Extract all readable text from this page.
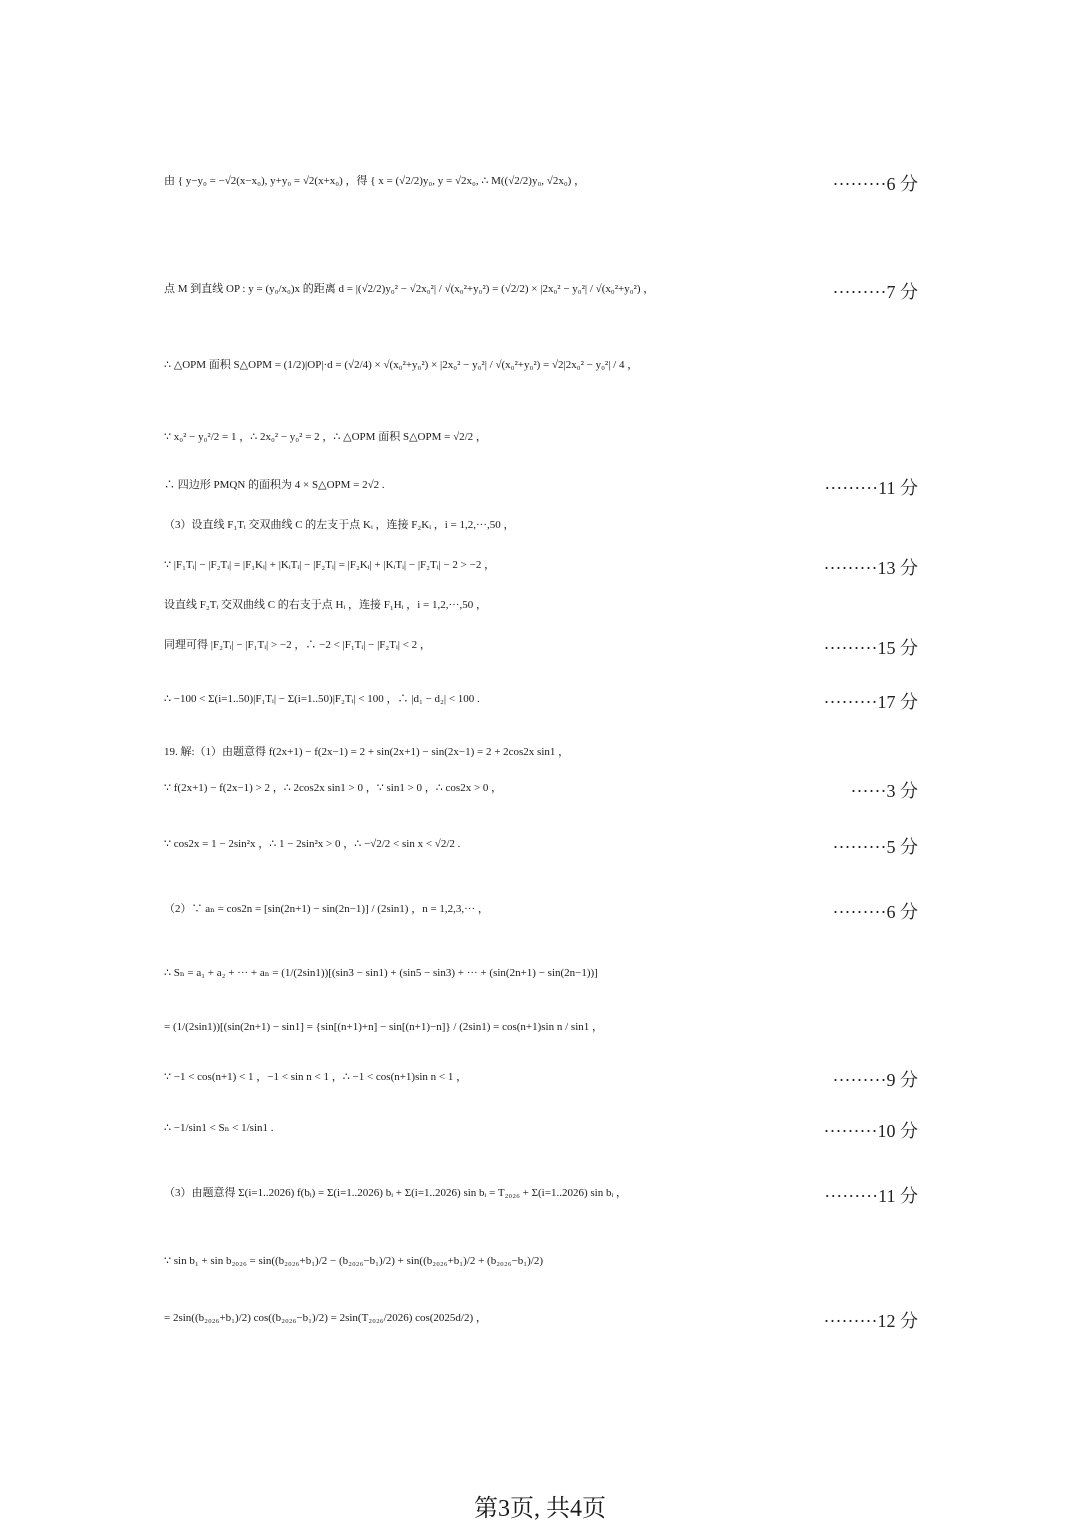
由 { y−y₀ = −√2(x−x₀), y+y₀ = √2(x+x₀) ，得 { x = (√2/2)y₀, y = √2x₀, ∴ M((√2/2)y₀, √2x₀) ，	·········6 分
点 M 到直线 OP : y = (y₀/x₀)x 的距离 d = |(√2/2)y₀² − √2x₀²| / √(x₀²+y₀²) = (√2/2) × |2x₀² − y₀²| / √(x₀²+y₀²) ，	·········7 分
∴ △OPM 面积 S△OPM = (1/2)|OP|·d = (√2/4) × √(x₀²+y₀²) × |2x₀² − y₀²| / √(x₀²+y₀²) = √2|2x₀² − y₀²| / 4 ，
∵ x₀² − y₀²/2 = 1 ，∴ 2x₀² − y₀² = 2 ，∴ △OPM 面积 S△OPM = √2/2 ，
∴ 四边形 PMQN 的面积为 4 × S△OPM = 2√2 .	·········11 分
（3）设直线 F₁Tᵢ 交双曲线 C 的左支于点 Kᵢ ，连接 F₂Kᵢ ，i = 1,2,···,50 ，
∵ |F₁Tᵢ| − |F₂Tᵢ| = |F₁Kᵢ| + |KᵢTᵢ| − |F₂Tᵢ| = |F₂Kᵢ| + |KᵢTᵢ| − |F₂Tᵢ| − 2 > −2 ，	·········13 分
设直线 F₂Tᵢ 交双曲线 C 的右支于点 Hᵢ ，连接 F₁Hᵢ ，i = 1,2,···,50 ，
同理可得 |F₂Tᵢ| − |F₁Tᵢ| > −2 ，∴ −2 < |F₁Tᵢ| − |F₂Tᵢ| < 2 ，	·········15 分
∴ −100 < Σ(i=1..50)|F₁Tᵢ| − Σ(i=1..50)|F₂Tᵢ| < 100 ，∴ |d₁ − d₂| < 100 .	·········17 分
19. 解:（1）由题意得 f(2x+1) − f(2x−1) = 2 + sin(2x+1) − sin(2x−1) = 2 + 2cos2x sin1 ，
∵ f(2x+1) − f(2x−1) > 2 ，∴ 2cos2x sin1 > 0 ，∵ sin1 > 0 ，∴ cos2x > 0 ，	······3 分
∵ cos2x = 1 − 2sin²x ，∴ 1 − 2sin²x > 0 ，∴ −√2/2 < sin x < √2/2 .	·········5 分
（2）∵ aₙ = cos2n = [sin(2n+1) − sin(2n−1)] / (2sin1) ，n = 1,2,3,··· ，	·········6 分
∴ Sₙ = a₁ + a₂ + ··· + aₙ = (1/(2sin1))[(sin3 − sin1) + (sin5 − sin3) + ··· + (sin(2n+1) − sin(2n−1))]
= (1/(2sin1))[(sin(2n+1) − sin1] = {sin[(n+1)+n] − sin[(n+1)−n]} / (2sin1) = cos(n+1)sin n / sin1 ，
∵ −1 < cos(n+1) < 1 ，−1 < sin n < 1 ，∴ −1 < cos(n+1)sin n < 1 ，	·········9 分
∴ −1/sin1 < Sₙ < 1/sin1 .	·········10 分
（3）由题意得 Σ(i=1..2026) f(bᵢ) = Σ(i=1..2026) bᵢ + Σ(i=1..2026) sin bᵢ = T₂₀₂₆ + Σ(i=1..2026) sin bᵢ ，	·········11 分
∵ sin b₁ + sin b₂₀₂₆ = sin((b₂₀₂₆+b₁)/2 − (b₂₀₂₆−b₁)/2) + sin((b₂₀₂₆+b₁)/2 + (b₂₀₂₆−b₁)/2)
= 2sin((b₂₀₂₆+b₁)/2) cos((b₂₀₂₆−b₁)/2) = 2sin(T₂₀₂₆/2026) cos(2025d/2) ，	·········12 分
第3页, 共4页
